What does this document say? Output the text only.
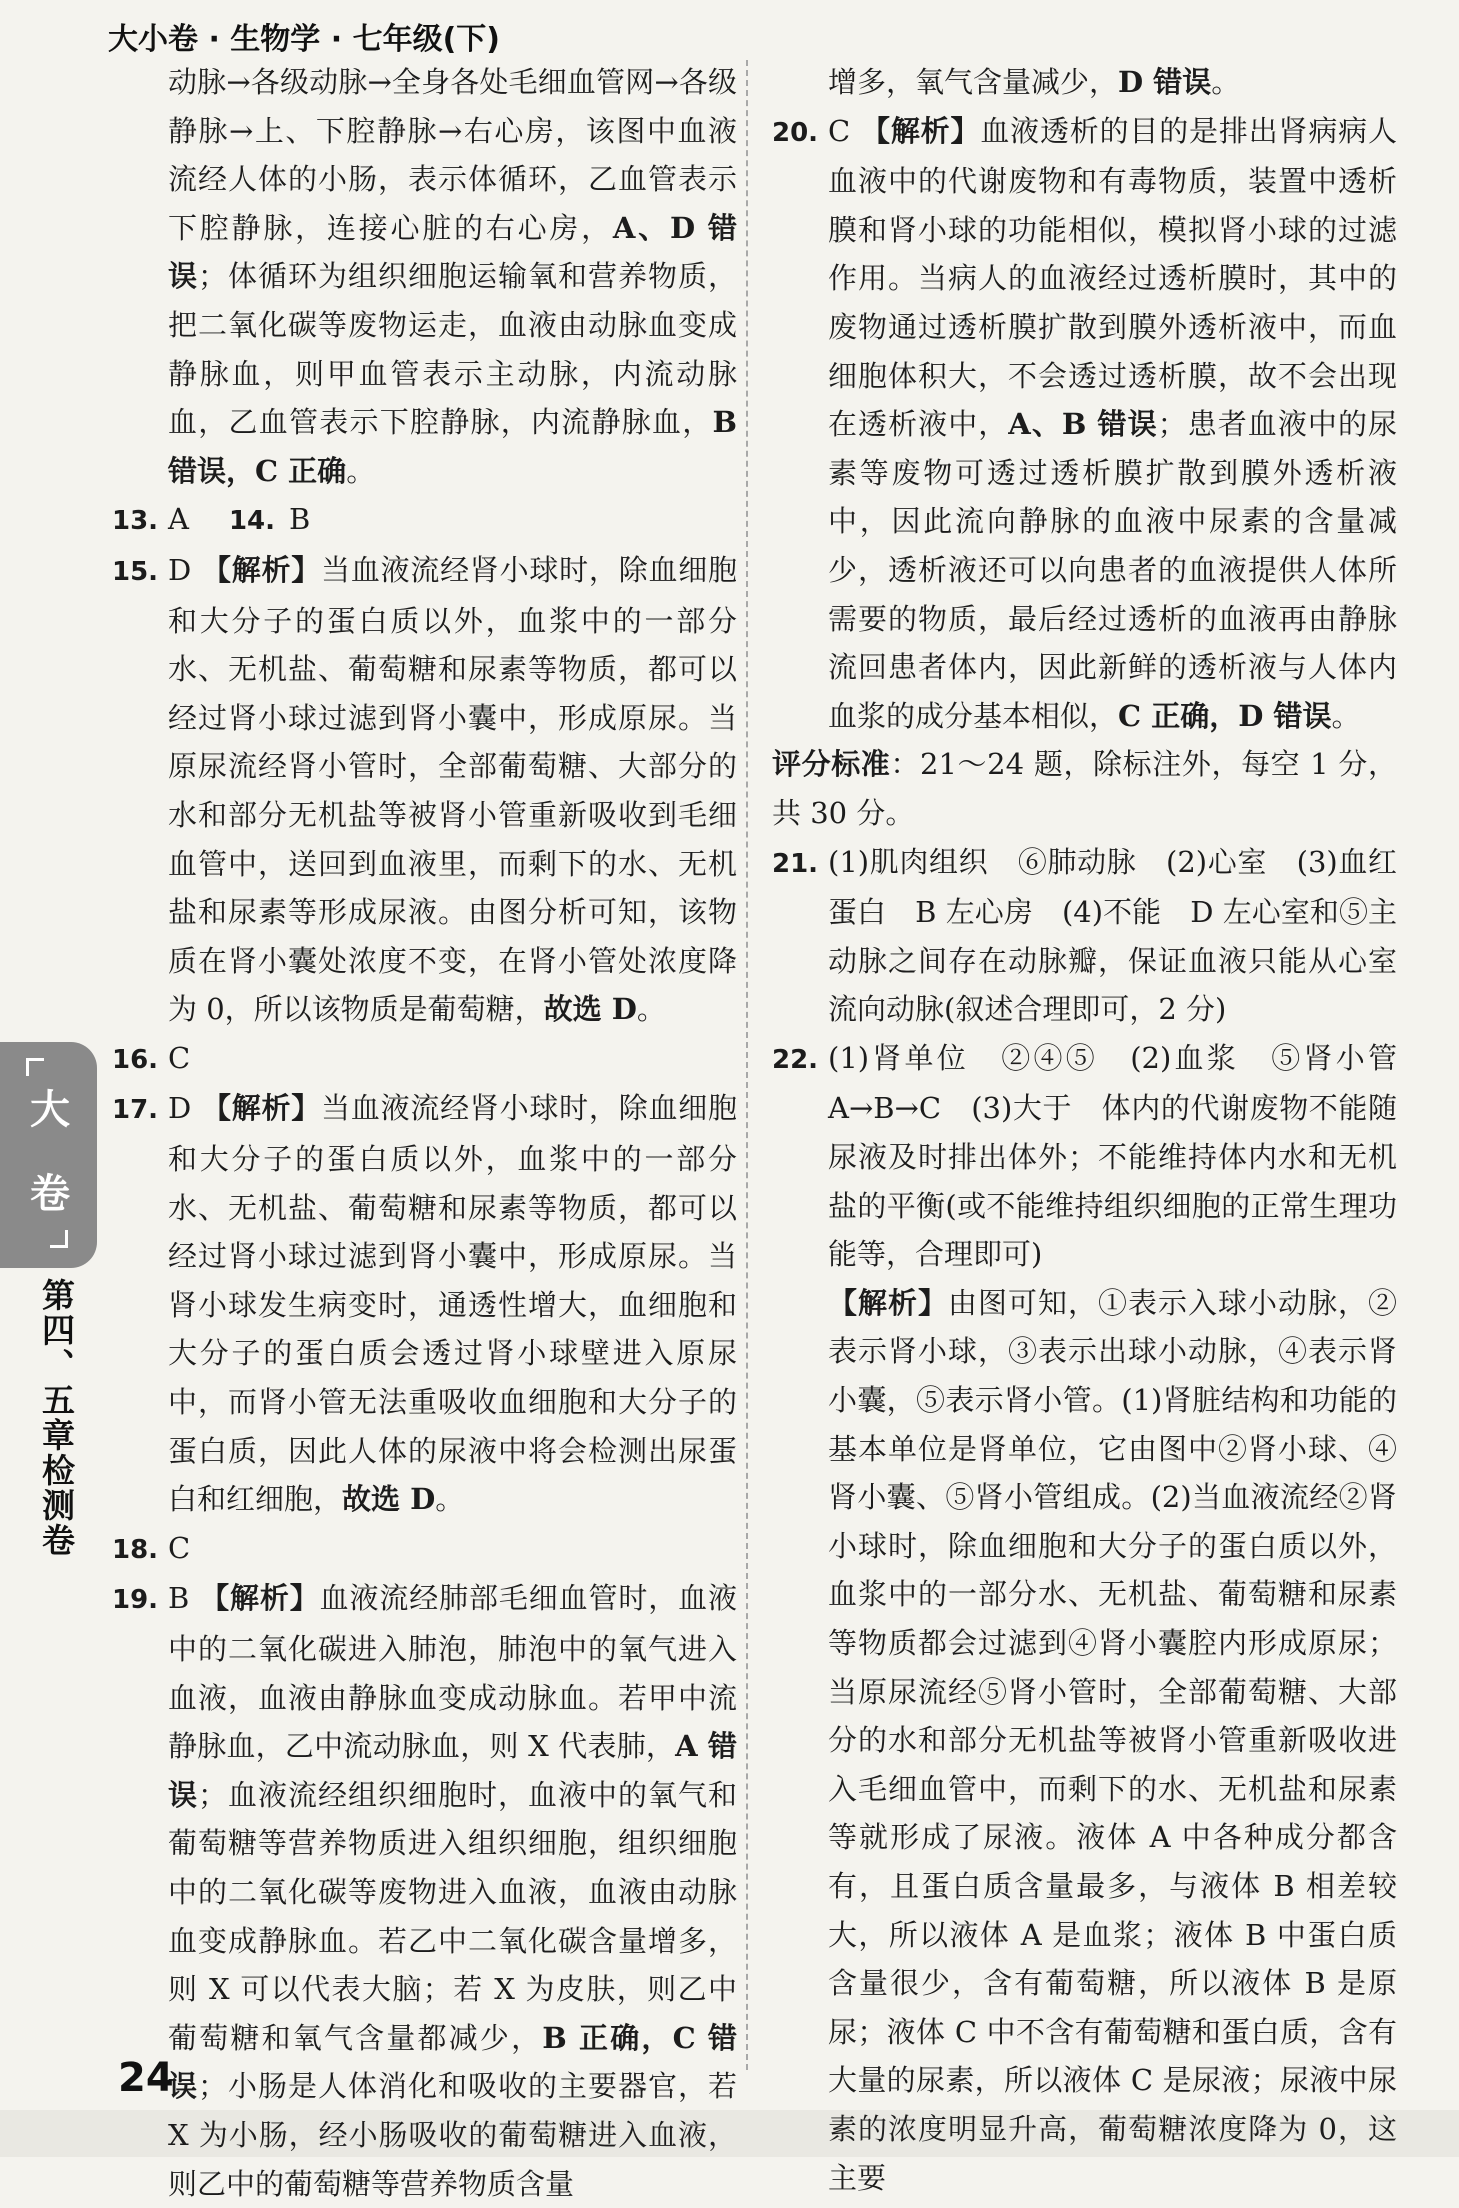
大小卷 · 生物学 · 七年级(下)

动脉→各级动脉→全身各处毛细血管网→各级静脉→上、下腔静脉→右心房，该图中血液流经人体的小肠，表示体循环，乙血管表示下腔静脉，连接心脏的右心房，A、D 错误；体循环为组织细胞运输氧和营养物质，把二氧化碳等废物运走，血液由动脉血变成静脉血，则甲血管表示主动脉，内流动脉血，乙血管表示下腔静脉，内流静脉血，B 错误，C 正确。

13. A 14. B

15. D 【解析】当血液流经肾小球时，除血细胞和大分子的蛋白质以外，血浆中的一部分水、无机盐、葡萄糖和尿素等物质，都可以经过肾小球过滤到肾小囊中，形成原尿。当原尿流经肾小管时，全部葡萄糖、大部分的水和部分无机盐等被肾小管重新吸收到毛细血管中，送回到血液里，而剩下的水、无机盐和尿素等形成尿液。由图分析可知，该物质在肾小囊处浓度不变，在肾小管处浓度降为 0，所以该物质是葡萄糖，故选 D。

16. C

17. D 【解析】当血液流经肾小球时，除血细胞和大分子的蛋白质以外，血浆中的一部分水、无机盐、葡萄糖和尿素等物质，都可以经过肾小球过滤到肾小囊中，形成原尿。当肾小球发生病变时，通透性增大，血细胞和大分子的蛋白质会透过肾小球壁进入原尿中，而肾小管无法重吸收血细胞和大分子的蛋白质，因此人体的尿液中将会检测出尿蛋白和红细胞，故选 D。

18. C

19. B 【解析】血液流经肺部毛细血管时，血液中的二氧化碳进入肺泡，肺泡中的氧气进入血液，血液由静脉血变成动脉血。若甲中流静脉血，乙中流动脉血，则 X 代表肺，A 错误；血液流经组织细胞时，血液中的氧气和葡萄糖等营养物质进入组织细胞，组织细胞中的二氧化碳等废物进入血液，血液由动脉血变成静脉血。若乙中二氧化碳含量增多，则 X 可以代表大脑；若 X 为皮肤，则乙中葡萄糖和氧气含量都减少，B 正确，C 错误；小肠是人体消化和吸收的主要器官，若 X 为小肠，经小肠吸收的葡萄糖进入血液，则乙中的葡萄糖等营养物质含量

增多，氧气含量减少，D 错误。

20. C 【解析】血液透析的目的是排出肾病病人血液中的代谢废物和有毒物质，装置中透析膜和肾小球的功能相似，模拟肾小球的过滤作用。当病人的血液经过透析膜时，其中的废物通过透析膜扩散到膜外透析液中，而血细胞体积大，不会透过透析膜，故不会出现在透析液中，A、B 错误；患者血液中的尿素等废物可透过透析膜扩散到膜外透析液中，因此流向静脉的血液中尿素的含量减少，透析液还可以向患者的血液提供人体所需要的物质，最后经过透析的血液再由静脉流回患者体内，因此新鲜的透析液与人体内血浆的成分基本相似，C 正确，D 错误。

评分标准：21～24 题，除标注外，每空 1 分，共 30 分。

21. (1)肌肉组织　⑥肺动脉　(2)心室　(3)血红蛋白　B 左心房　(4)不能　D 左心室和⑤主动脉之间存在动脉瓣，保证血液只能从心室流向动脉(叙述合理即可，2 分)

22. (1)肾单位　②④⑤　(2)血浆　⑤肾小管　A→B→C　(3)大于　体内的代谢废物不能随尿液及时排出体外；不能维持体内水和无机盐的平衡(或不能维持组织细胞的正常生理功能等，合理即可)

【解析】由图可知，①表示入球小动脉，②表示肾小球，③表示出球小动脉，④表示肾小囊，⑤表示肾小管。(1)肾脏结构和功能的基本单位是肾单位，它由图中②肾小球、④肾小囊、⑤肾小管组成。(2)当血液流经②肾小球时，除血细胞和大分子的蛋白质以外，血浆中的一部分水、无机盐、葡萄糖和尿素等物质都会过滤到④肾小囊腔内形成原尿；当原尿流经⑤肾小管时，全部葡萄糖、大部分的水和部分无机盐等被肾小管重新吸收进入毛细血管中，而剩下的水、无机盐和尿素等就形成了尿液。液体 A 中各种成分都含有，且蛋白质含量最多，与液体 B 相差较大，所以液体 A 是血浆；液体 B 中蛋白质含量很少，含有葡萄糖，所以液体 B 是原尿；液体 C 中不含有葡萄糖和蛋白质，含有大量的尿素，所以液体 C 是尿液；尿液中尿素的浓度明显升高，葡萄糖浓度降为 0，这主要

大
卷
第四、五章检测卷
24
